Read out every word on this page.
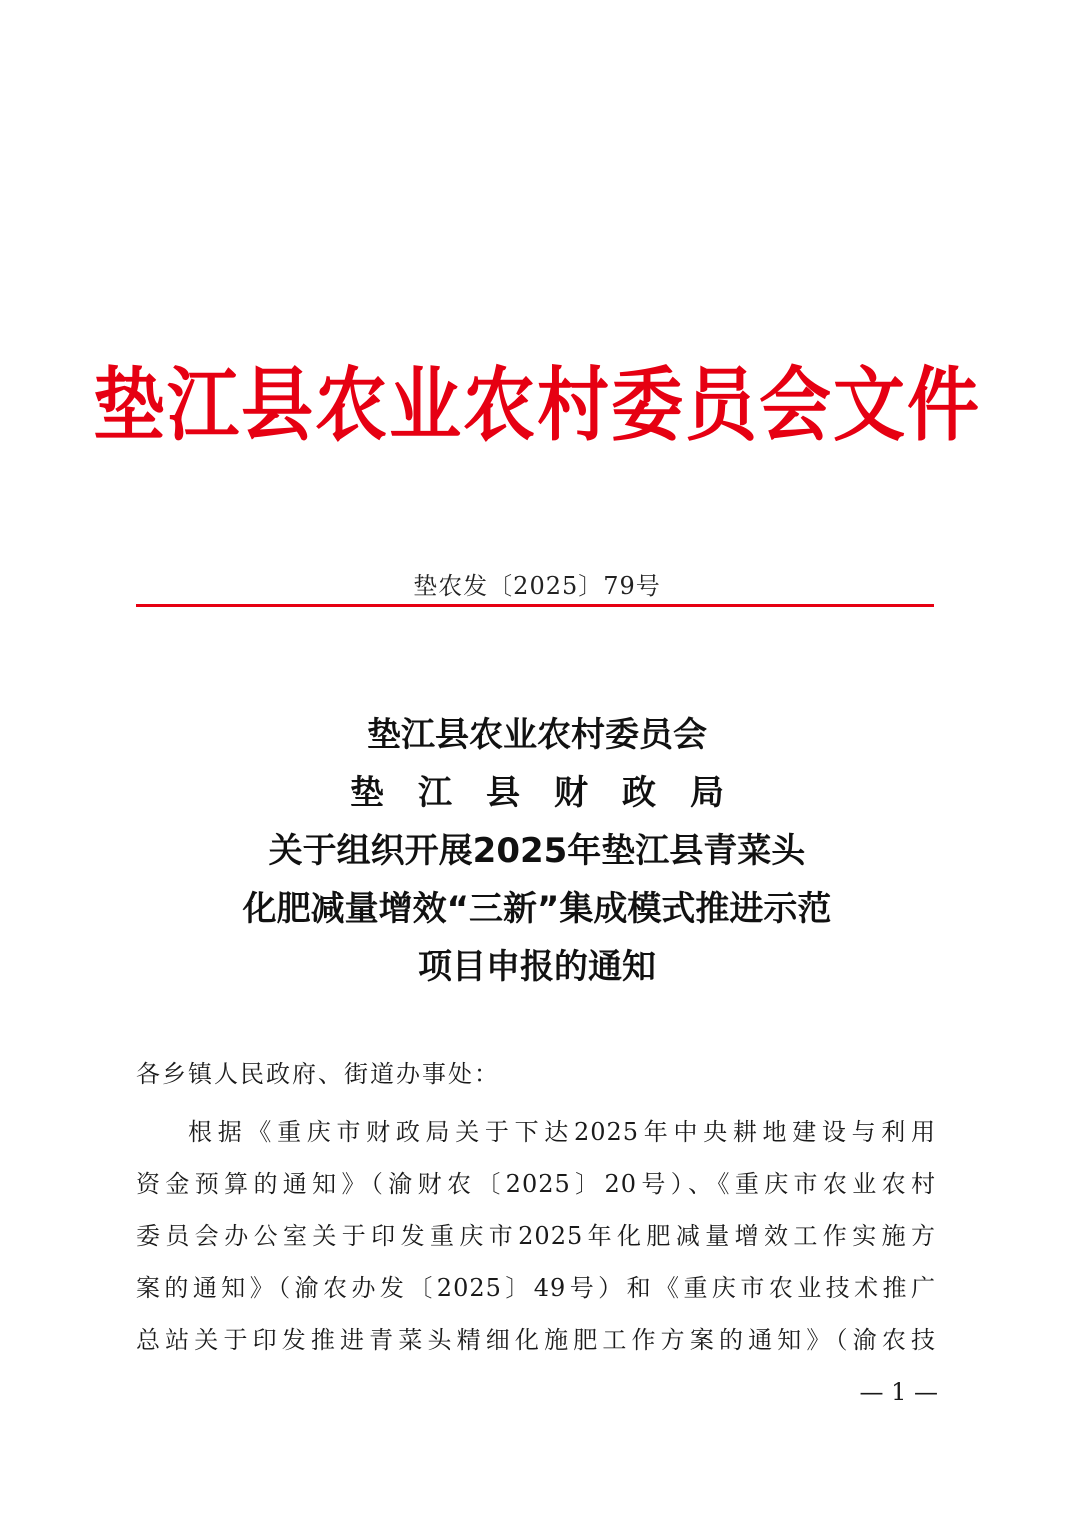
垫江县农业农村委员会文件
垫农发〔2025〕79号
垫江县农业农村委员会
垫　江　县　财　政　局
关于组织开展2025年垫江县青菜头
化肥减量增效“三新”集成模式推进示范
项目申报的通知
各乡镇人民政府、街道办事处：
根据《重庆市财政局关于下达2025年中央耕地建设与利用
资金预算的通知》（渝财农〔2025〕20号）、《重庆市农业农村
委员会办公室关于印发重庆市2025年化肥减量增效工作实施方
案的通知》（渝农办发〔2025〕49号）和《重庆市农业技术推广
总站关于印发推进青菜头精细化施肥工作方案的通知》（渝农技
— 1 —
